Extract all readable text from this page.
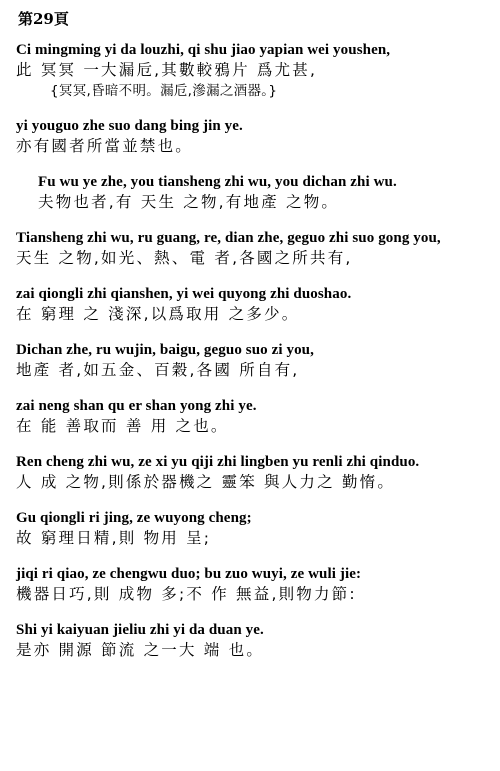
第29頁
Ci mingming yi da louzhi, qi shu jiao yapian wei youshen,
此 冥冥 一大漏卮,其數較鴉片 爲尤甚,
{冥冥,昏暗不明。漏卮,滲漏之酒器。}
yi youguo zhe suo dang bing jin ye.
亦有國者所當並禁也。
Fu wu ye zhe, you tiansheng zhi wu, you dichan zhi wu.
夫物也者,有 天生 之物,有地產 之物。
Tiansheng zhi wu, ru guang, re, dian zhe, geguo zhi suo gong you,
天生 之物,如光、熱、電 者,各國之所共有,
zai qiongli zhi qianshen, yi wei quyong zhi duoshao.
在 窮理 之 淺深,以爲取用 之多少。
Dichan zhe, ru wujin, baigu, geguo suo zi you,
地產 者,如五金、百穀,各國 所自有,
zai neng shan qu er shan yong zhi ye.
在 能 善取而 善 用 之也。
Ren cheng zhi wu, ze xi yu qiji zhi lingben yu renli zhi qinduo.
人 成 之物,則係於器機之 靈笨 與人力之 勤惰。
Gu qiongli ri jing, ze wuyong cheng;
故 窮理日精,則 物用 呈;
jiqi ri qiao, ze chengwu duo; bu zuo wuyi, ze wuli jie:
機器日巧,則 成物 多;不 作 無益,則物力節:
Shi yi kaiyuan jieliu zhi yi da duan ye.
是亦 開源 節流 之一大 端 也。
